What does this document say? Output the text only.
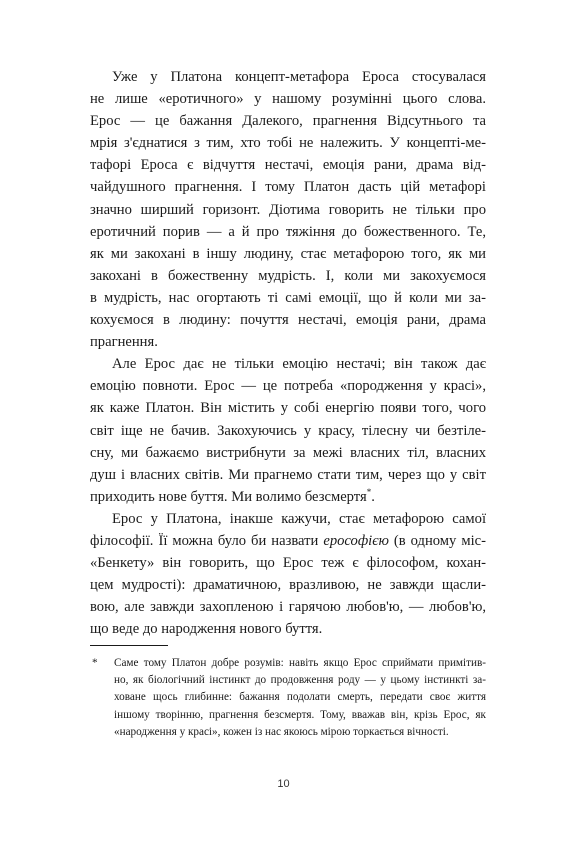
Уже у Платона концепт-метафора Ероса стосувалася
не лише «еротичного» у нашому розумінні цього слова.
Ерос — це бажання Далекого, прагнення Відсутнього та
мрія з'єднатися з тим, хто тобі не належить. У концепті-ме-
тафорі Ероса є відчуття нестачі, емоція рани, драма від-
чайдушного прагнення. І тому Платон дасть цій метафорі
значно ширший горизонт. Діотима говорить не тільки про
еротичний порив — а й про тяжіння до божественного. Те,
як ми закохані в іншу людину, стає метафорою того, як ми
закохані в божественну мудрість. І, коли ми закохуємося
в мудрість, нас огортають ті самі емоції, що й коли ми за-
кохуємося в людину: почуття нестачі, емоція рани, драма
прагнення.
Але Ерос дає не тільки емоцію нестачі; він також дає
емоцію повноти. Ерос — це потреба «породження у красі»,
як каже Платон. Він містить у собі енергію появи того, чого
світ іще не бачив. Закохуючись у красу, тілесну чи безтіле-
сну, ми бажаємо вистрибнути за межі власних тіл, власних
душ і власних світів. Ми прагнемо стати тим, через що у світ
приходить нове буття. Ми волимо безсмертя*.
Ерос у Платона, інакше кажучи, стає метафорою самої
філософії. Її можна було би назвати ерософією (в одному міс-
«Бенкету» він говорить, що Ерос теж є філософом, кохан-
цем мудрості): драматичною, вразливою, не завжди щасли-
вою, але завжди захопленою і гарячою любов'ю, — любов'ю,
що веде до народження нового буття.
*	Саме тому Платон добре розумів: навіть якщо Ерос сприймати примітив-
но, як біологічний інстинкт до продовження роду — у цьому інстинкті за-
ховане щось глибинне: бажання подолати смерть, передати своє життя
іншому творінню, прагнення безсмертя. Тому, вважав він, крізь Ерос, як
«народження у красі», кожен із нас якоюсь мірою торкається вічності.
10
